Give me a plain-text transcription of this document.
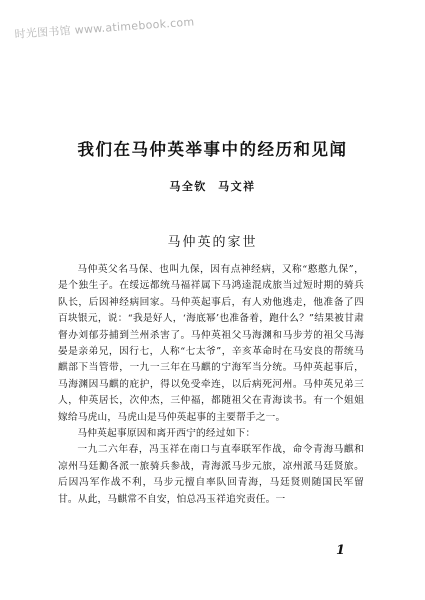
时光图书馆 www.atimebook.com
我们在马仲英举事中的经历和见闻
马全钦 马文祥
马仲英的家世

马仲英父名马保、也叫九保，因有点神经病，又称“憨憨九保”，是个独生子。在绥远都统马福祥属下马鸿逵混成旅当过短时期的骑兵队长，后因神经病回家。马仲英起事后，有人劝他逃走，他准备了四百块银元，说：“我是好人，‘海底幂’也准备着，跑什么？”结果被甘肃督办刘郁芬捕到兰州杀害了。马仲英祖父马海渊和马步芳的祖父马海晏是亲弟兄，因行七，人称“七太爷”，辛亥革命时在马安良的帮统马麒部下当管带，一九一三年在马麒的宁海军当分统。马仲英起事后，马海渊因马麒的庇护，得以免受牵连，以后病死河州。马仲英兄弟三人，仲英居长，次仲杰，三仲福，都随祖父在青海读书。有一个姐姐嫁给马虎山，马虎山是马仲英起事的主要帮手之一。

马仲英起事原因和离开西宁的经过如下：

一九二六年春，冯玉祥在南口与直奉联军作战，命令青海马麒和凉州马廷勷各派一旅骑兵参战，青海派马步元旅，凉州派马廷贤旅。后因冯军作战不利，马步元擅自率队回青海，马廷贤则随国民军留甘。从此，马麒常不自安，怕总冯玉祥追究责任。一

1
